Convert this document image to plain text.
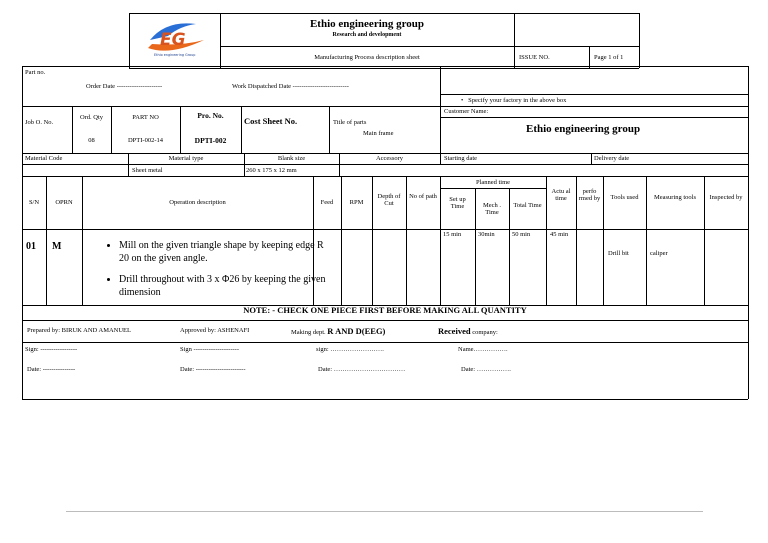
EG
Ethio engineering Group
Ethio engineering group
Research and development
Manufacturing Process description sheet	ISSUE NO.	Page 1 of 1
Part no.
Order Date ---------------------	Work Dispatched Date --------------------------
•   Specify your factory in the above box
Customer Name:
Ethio engineering group
Job O. No.
Ord. Qty
08
PART NO
DPTI-002-14
Pro. No.
DPTI-002
Cost Sheet No.	Title of parts
Main frame
Material Code	Material type
Sheet metal
Blank size
260 x 175 x 12 mm
Accessory	Starting date	Delivery date
S/N	OPRN	Operation description	Feed	RPM
Depth of Cut
No of path
Planned time
Set up Time	Mech . Time
Total Time
Actu al time
perfo rmed by	Tools used	Measuring tools	Inspected by
01 M
•	Mill on the given triangle shape by keeping edge R 20 on the given angle.
• Drill throughout with 3 x Φ26 by keeping the given dimension
15 min	30min	50 min	45 min
Drill bit	caliper
NOTE: - CHECK ONE PIECE FIRST BEFORE MAKING ALL QUANTITY
Prepared by: BIRUK AND AMANUEL	Approved by: ASHENAFI	Making dept. R AND D(EEG)	Received company:
Sign: -----------------	Sign ---------------------	sign: …………………….	Name…………….
Date: ---------------	Date: -----------------------	Date: ……………………………	Date: …………….
